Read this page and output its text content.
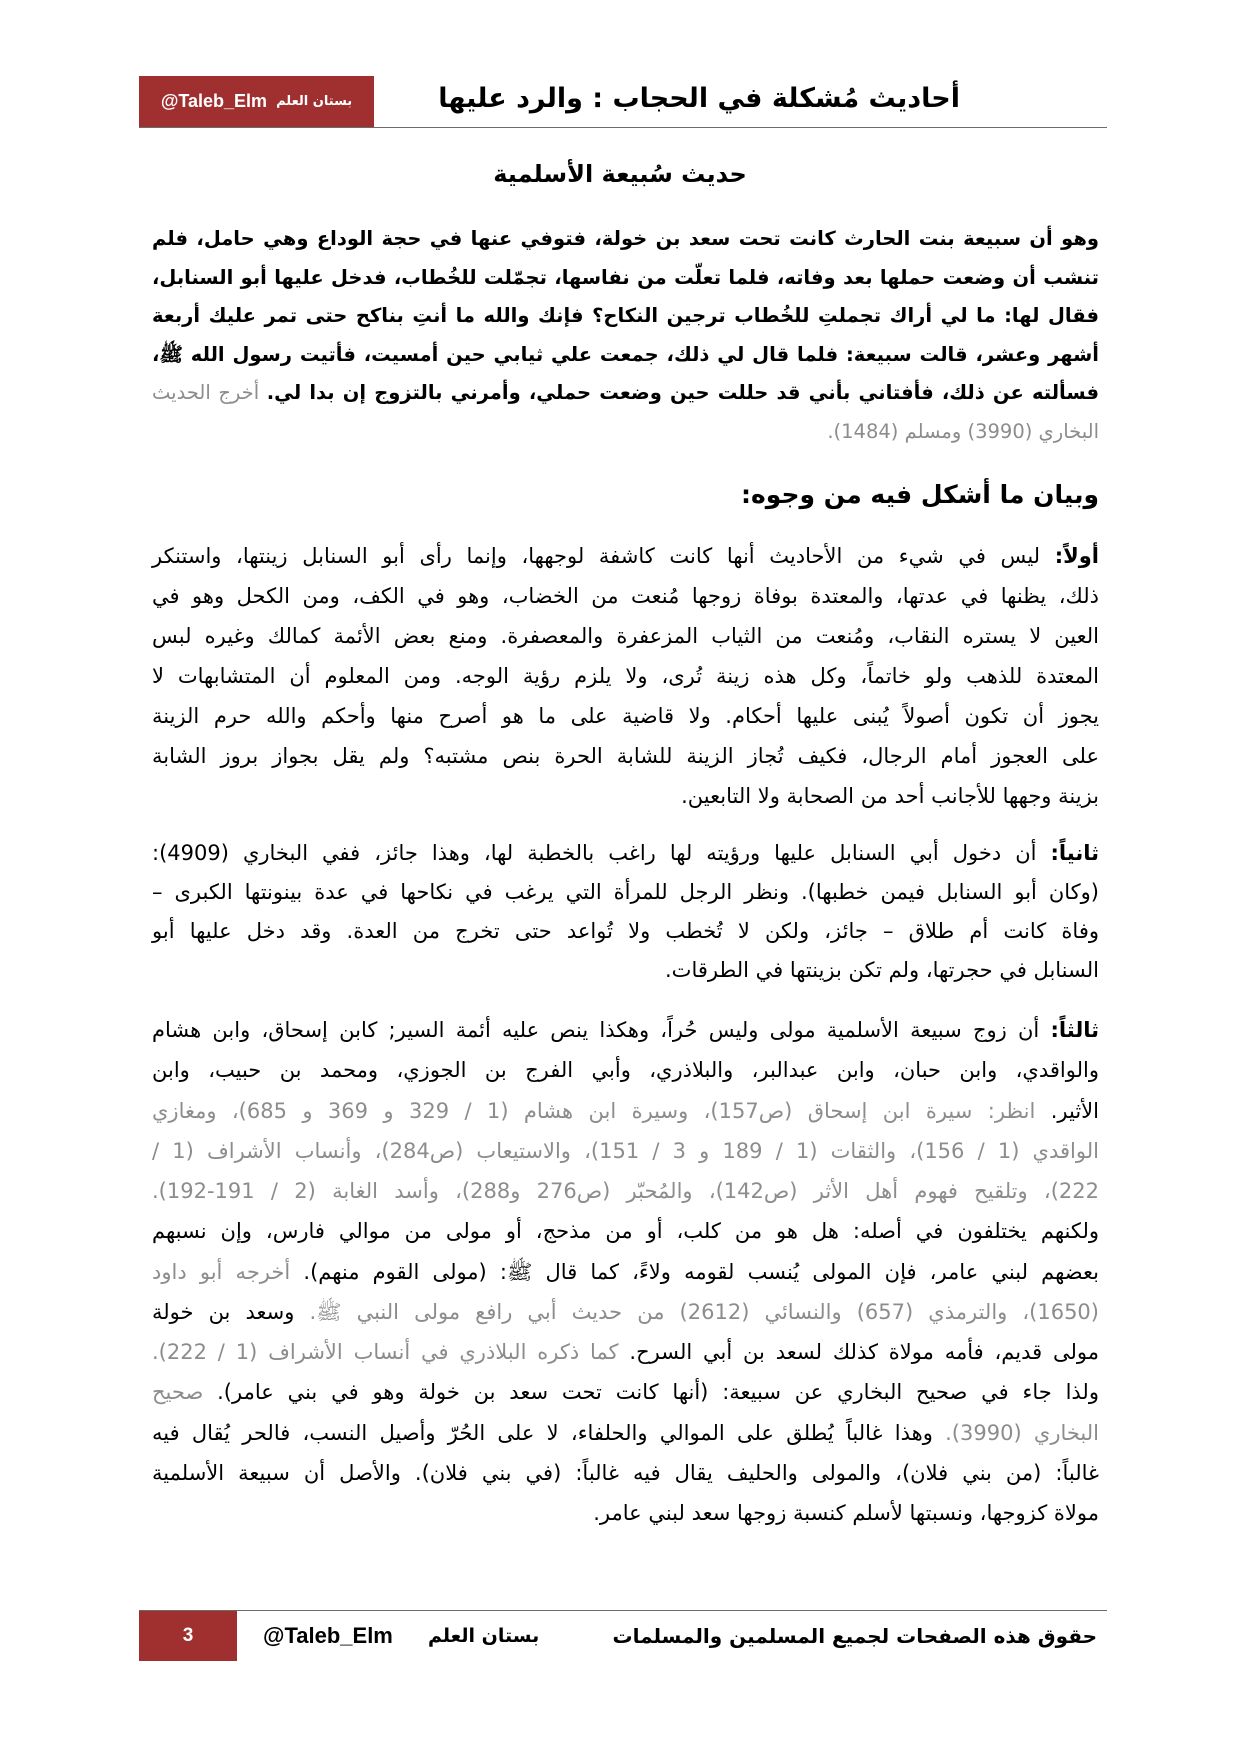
@Taleb_Elm بستان العلم	أحاديث مُشكلة في الحجاب : والرد عليها
حديث سُبيعة الأسلمية
وهو أن سبيعة بنت الحارث كانت تحت سعد بن خولة، فتوفي عنها في حجة الوداع وهي حامل، فلم
تنشب أن وضعت حملها بعد وفاته، فلما تعلّت من نفاسها، تجمّلت للخُطاب، فدخل عليها أبو السنابل،
فقال لها: ما لي أراك تجملتِ للخُطاب ترجين النكاح؟ فإنك والله ما أنتِ بناكح حتى تمر عليك أربعة
أشهر وعشر، قالت سبيعة: فلما قال لي ذلك، جمعت علي ثيابي حين أمسيت، فأتيت رسول الله ﷺ،
فسألته عن ذلك، فأفتاني بأني قد حللت حين وضعت حملي، وأمرني بالتزوج إن بدا لي. أخرج الحديث
البخاري (3990) ومسلم (1484).
وبيان ما أشكل فيه من وجوه:
أولاً: ليس في شيء من الأحاديث أنها كانت كاشفة لوجهها، وإنما رأى أبو السنابل زينتها، واستنكر
ذلك، يظنها في عدتها، والمعتدة بوفاة زوجها مُنعت من الخضاب، وهو في الكف، ومن الكحل وهو في
العين لا يستره النقاب، ومُنعت من الثياب المزعفرة والمعصفرة. ومنع بعض الأئمة كمالك وغيره لبس
المعتدة للذهب ولو خاتماً، وكل هذه زينة تُرى، ولا يلزم رؤية الوجه. ومن المعلوم أن المتشابهات لا
يجوز أن تكون أصولاً يُبنى عليها أحكام. ولا قاضية على ما هو أصرح منها وأحكم والله حرم الزينة
على العجوز أمام الرجال، فكيف تُجاز الزينة للشابة الحرة بنص مشتبه؟ ولم يقل بجواز بروز الشابة
بزينة وجهها للأجانب أحد من الصحابة ولا التابعين.
ثانياً: أن دخول أبي السنابل عليها ورؤيته لها راغب بالخطبة لها، وهذا جائز، ففي البخاري (4909):
(وكان أبو السنابل فيمن خطبها). ونظر الرجل للمرأة التي يرغب في نكاحها في عدة بينونتها الكبرى –
وفاة كانت أم طلاق – جائز، ولكن لا تُخطب ولا تُواعد حتى تخرج من العدة. وقد دخل عليها أبو
السنابل في حجرتها، ولم تكن بزينتها في الطرقات.
ثالثاً: أن زوج سبيعة الأسلمية مولى وليس حُراً، وهكذا ينص عليه أئمة السير; كابن إسحاق، وابن هشام
والواقدي، وابن حبان، وابن عبدالبر، والبلاذري، وأبي الفرج بن الجوزي، ومحمد بن حبيب، وابن
الأثير. انظر: سيرة ابن إسحاق (ص157)، وسيرة ابن هشام (1 / 329 و 369 و 685)، ومغازي
الواقدي (1 / 156)، والثقات (1 / 189 و 3 / 151)، والاستيعاب (ص284)، وأنساب الأشراف (1 /
222)، وتلقيح فهوم أهل الأثر (ص142)، والمُحبّر (ص276 و288)، وأسد الغابة (2 / 191-192).
ولكنهم يختلفون في أصله: هل هو من كلب، أو من مذحج، أو مولى من موالي فارس، وإن نسبهم
بعضهم لبني عامر، فإن المولى يُنسب لقومه ولاءً، كما قال ﷺ: (مولى القوم منهم). أخرجه أبو داود
(1650)، والترمذي (657) والنسائي (2612) من حديث أبي رافع مولى النبي ﷺ. وسعد بن خولة
مولى قديم، فأمه مولاة كذلك لسعد بن أبي السرح. كما ذكره البلاذري في أنساب الأشراف (1 / 222).
ولذا جاء في صحيح البخاري عن سبيعة: (أنها كانت تحت سعد بن خولة وهو في بني عامر). صحيح
البخاري (3990). وهذا غالباً يُطلق على الموالي والحلفاء، لا على الحُرّ وأصيل النسب، فالحر يُقال فيه
غالباً: (من بني فلان)، والمولى والحليف يقال فيه غالباً: (في بني فلان). والأصل أن سبيعة الأسلمية
مولاة كزوجها، ونسبتها لأسلم كنسبة زوجها سعد لبني عامر.
3	@Taleb_Elm بستان العلم	حقوق هذه الصفحات لجميع المسلمين والمسلمات
